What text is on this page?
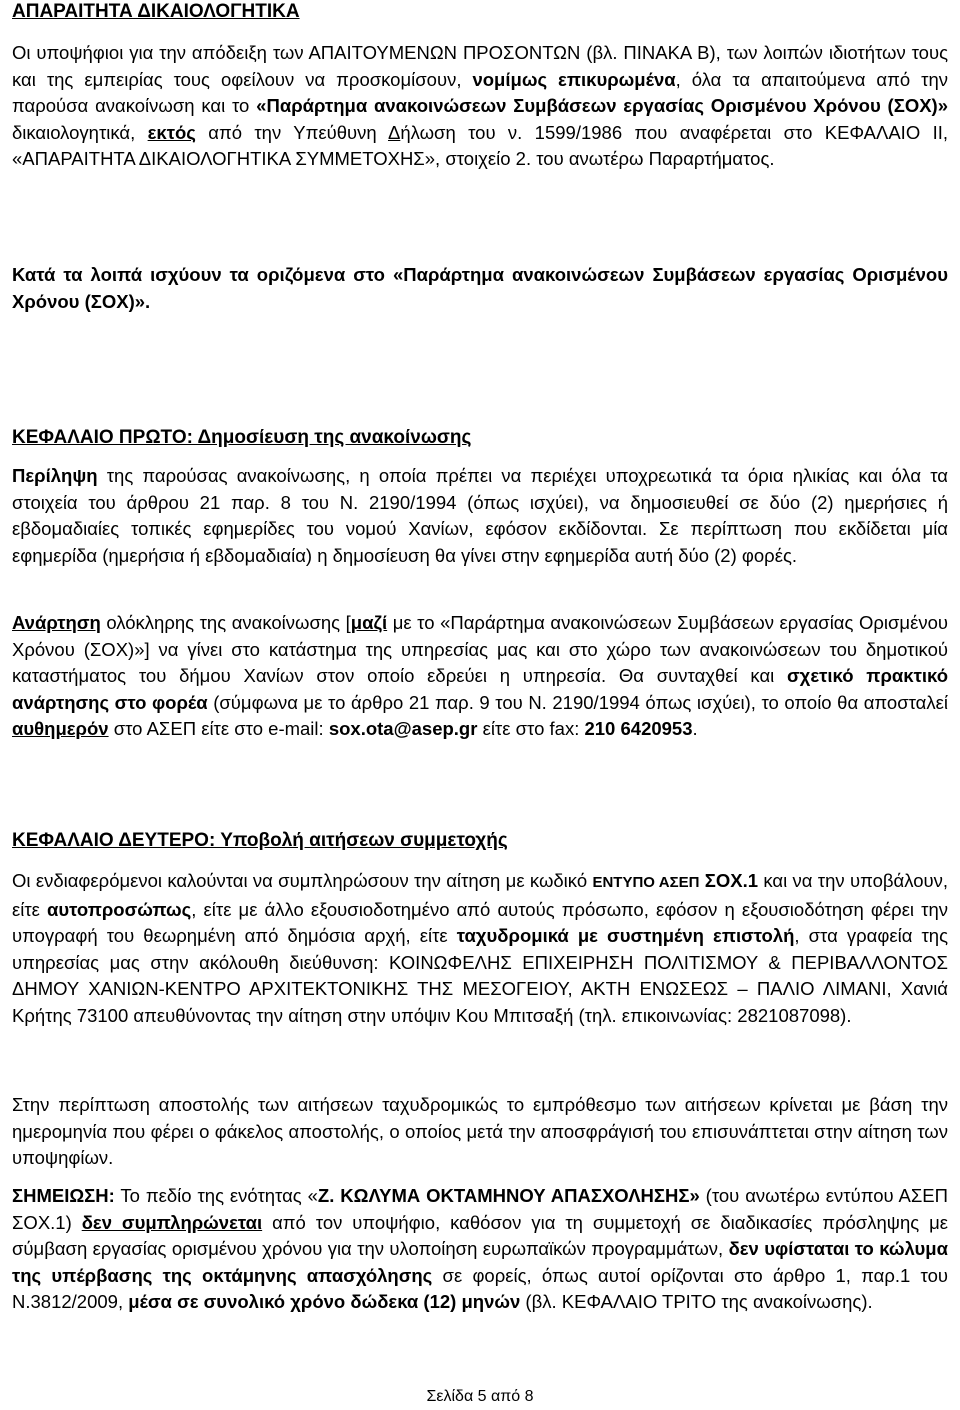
ΑΠΑΡΑΙΤΗΤΑ ΔΙΚΑΙΟΛΟΓΗΤΙΚΑ

Οι υποψήφιοι για την απόδειξη των ΑΠΑΙΤΟΥΜΕΝΩΝ ΠΡΟΣΟΝΤΩΝ (βλ. ΠΙΝΑΚΑ Β), των λοιπών ιδιοτήτων τους και της εμπειρίας τους οφείλουν να προσκομίσουν, νομίμως επικυρωμένα, όλα τα απαιτούμενα από την παρούσα ανακοίνωση και το «Παράρτημα ανακοινώσεων Συμβάσεων εργασίας Ορισμένου Χρόνου (ΣΟΧ)» δικαιολογητικά, εκτός από την Υπεύθυνη Δήλωση του ν. 1599/1986 που αναφέρεται στο ΚΕΦΑΛΑΙΟ ΙΙ, «ΑΠΑΡΑΙΤΗΤΑ ΔΙΚΑΙΟΛΟΓΗΤΙΚΑ ΣΥΜΜΕΤΟΧΗΣ», στοιχείο 2. του ανωτέρω Παραρτήματος.

Κατά τα λοιπά ισχύουν τα οριζόμενα στο «Παράρτημα ανακοινώσεων Συμβάσεων εργασίας Ορισμένου Χρόνου (ΣΟΧ)».

ΚΕΦΑΛΑΙΟ ΠΡΩΤΟ: Δημοσίευση της ανακοίνωσης

Περίληψη της παρούσας ανακοίνωσης, η οποία πρέπει να περιέχει υποχρεωτικά τα όρια ηλικίας και όλα τα στοιχεία του άρθρου 21 παρ. 8 του Ν. 2190/1994 (όπως ισχύει), να δημοσιευθεί σε δύο (2) ημερήσιες ή εβδομαδιαίες τοπικές εφημερίδες του νομού Χανίων, εφόσον εκδίδονται. Σε περίπτωση που εκδίδεται μία εφημερίδα (ημερήσια ή εβδομαδιαία) η δημοσίευση θα γίνει στην εφημερίδα αυτή δύο (2) φορές.

Ανάρτηση ολόκληρης της ανακοίνωσης [μαζί με το «Παράρτημα ανακοινώσεων Συμβάσεων εργασίας Ορισμένου Χρόνου (ΣΟΧ)»] να γίνει στο κατάστημα της υπηρεσίας μας και στο χώρο των ανακοινώσεων του δημοτικού καταστήματος του δήμου Χανίων στον οποίο εδρεύει η υπηρεσία. Θα συνταχθεί και σχετικό πρακτικό ανάρτησης στο φορέα (σύμφωνα με το άρθρο 21 παρ. 9 του Ν. 2190/1994 όπως ισχύει), το οποίο θα αποσταλεί αυθημερόν στο ΑΣΕΠ είτε στο e-mail: sox.ota@asep.gr είτε στο fax: 210 6420953.

ΚΕΦΑΛΑΙΟ ΔΕΥΤΕΡΟ: Υποβολή αιτήσεων συμμετοχής

Οι ενδιαφερόμενοι καλούνται να συμπληρώσουν την αίτηση με κωδικό ΕΝΤΥΠΟ ΑΣΕΠ ΣΟΧ.1 και να την υποβάλουν, είτε αυτοπροσώπως, είτε με άλλο εξουσιοδοτημένο από αυτούς πρόσωπο, εφόσον η εξουσιοδότηση φέρει την υπογραφή του θεωρημένη από δημόσια αρχή, είτε ταχυδρομικά με συστημένη επιστολή, στα γραφεία της υπηρεσίας μας στην ακόλουθη διεύθυνση: ΚΟΙΝΩΦΕΛΗΣ ΕΠΙΧΕΙΡΗΣΗ ΠΟΛΙΤΙΣΜΟΥ & ΠΕΡΙΒΑΛΛΟΝΤΟΣ ΔΗΜΟΥ ΧΑΝΙΩΝ-ΚΕΝΤΡΟ ΑΡΧΙΤΕΚΤΟΝΙΚΗΣ ΤΗΣ ΜΕΣΟΓΕΙΟΥ, ΑΚΤΗ ΕΝΩΣΕΩΣ – ΠΑΛΙΟ ΛΙΜΑΝΙ, Χανιά Κρήτης 73100 απευθύνοντας την αίτηση στην υπόψιν Κου Μπιτσαξή (τηλ. επικοινωνίας: 2821087098).

Στην περίπτωση αποστολής των αιτήσεων ταχυδρομικώς το εμπρόθεσμο των αιτήσεων κρίνεται με βάση την ημερομηνία που φέρει ο φάκελος αποστολής, ο οποίος μετά την αποσφράγισή του επισυνάπτεται στην αίτηση των υποψηφίων.

ΣΗΜΕΙΩΣΗ: Το πεδίο της ενότητας «Ζ. ΚΩΛΥΜΑ ΟΚΤΑΜΗΝΟΥ ΑΠΑΣΧΟΛΗΣΗΣ» (του ανωτέρω εντύπου ΑΣΕΠ ΣΟΧ.1) δεν συμπληρώνεται από τον υποψήφιο, καθόσον για τη συμμετοχή σε διαδικασίες πρόσληψης με σύμβαση εργασίας ορισμένου χρόνου για την υλοποίηση ευρωπαϊκών προγραμμάτων, δεν υφίσταται το κώλυμα της υπέρβασης της οκτάμηνης απασχόλησης σε φορείς, όπως αυτοί ορίζονται στο άρθρο 1, παρ.1 του Ν.3812/2009, μέσα σε συνολικό χρόνο δώδεκα (12) μηνών (βλ. ΚΕΦΑΛΑΙΟ ΤΡΙΤΟ της ανακοίνωσης).

Σελίδα 5 από 8
